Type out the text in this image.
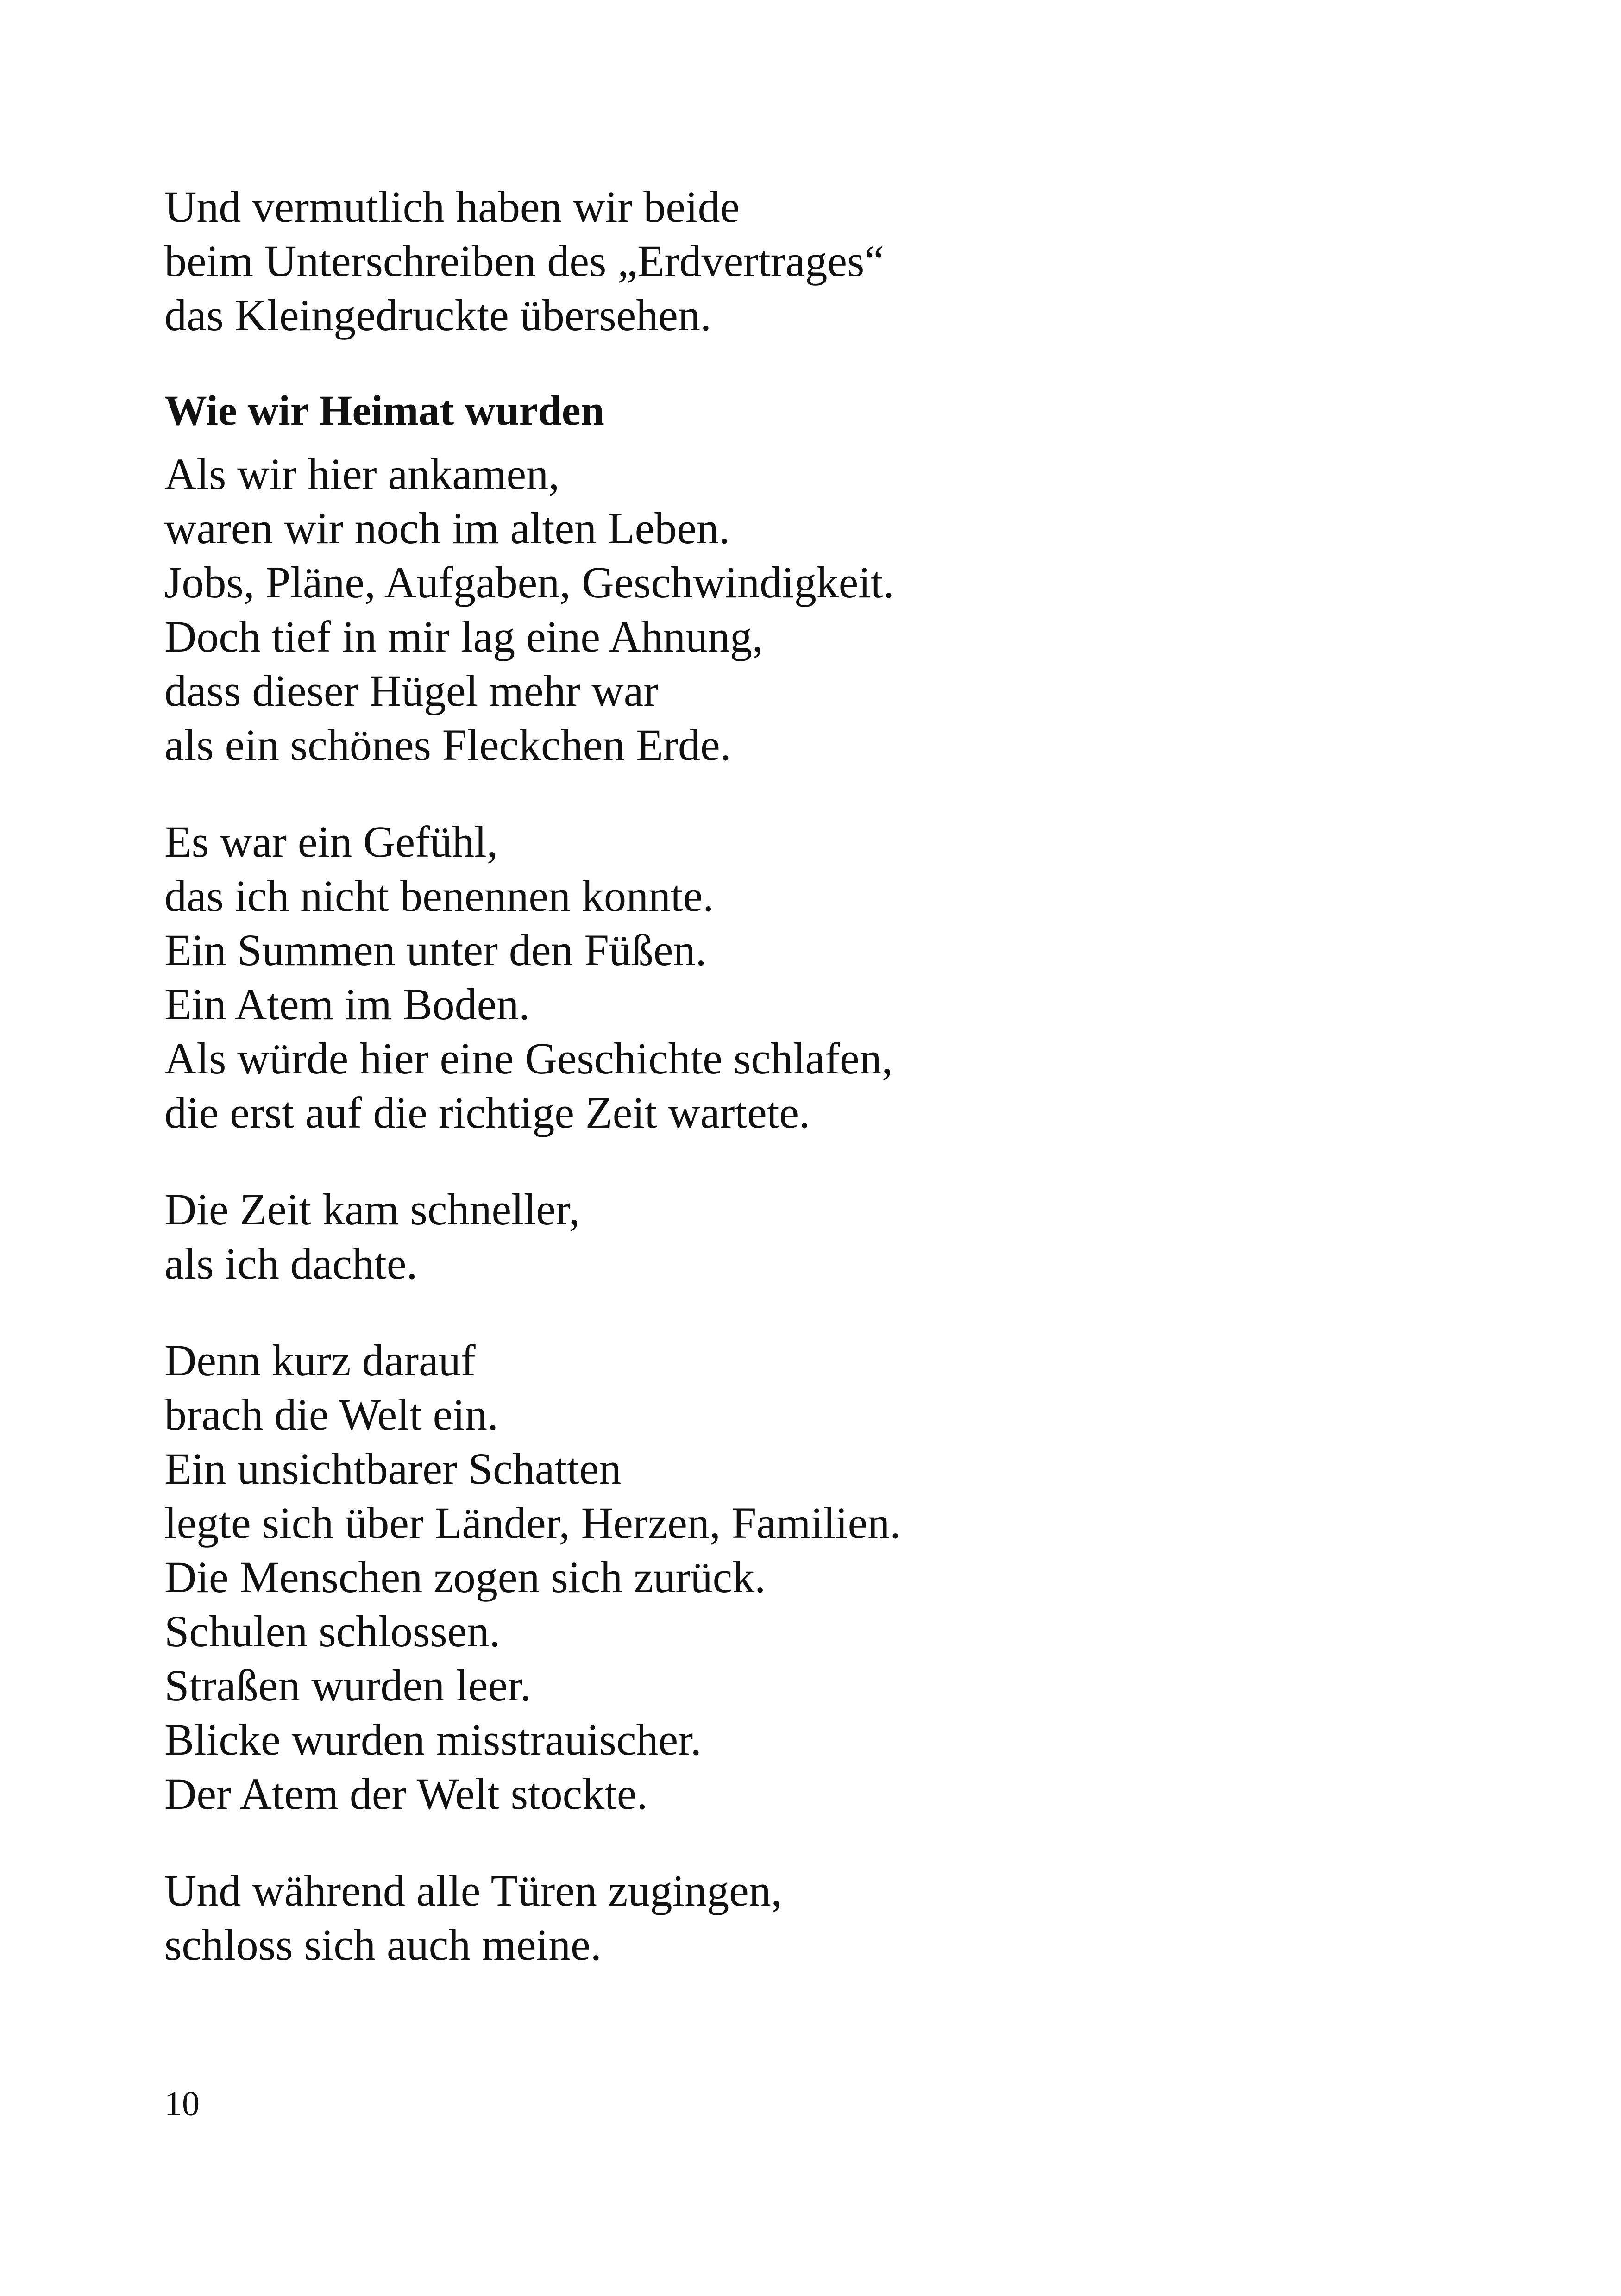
Und vermutlich haben wir beide
beim Unterschreiben des „Erdvertrages“
das Kleingedruckte übersehen.
Wie wir Heimat wurden
Als wir hier ankamen,
waren wir noch im alten Leben.
Jobs, Pläne, Aufgaben, Geschwindigkeit.
Doch tief in mir lag eine Ahnung,
dass dieser Hügel mehr war
als ein schönes Fleckchen Erde.
Es war ein Gefühl,
das ich nicht benennen konnte.
Ein Summen unter den Füßen.
Ein Atem im Boden.
Als würde hier eine Geschichte schlafen,
die erst auf die richtige Zeit wartete.
Die Zeit kam schneller,
als ich dachte.
Denn kurz darauf
brach die Welt ein.
Ein unsichtbarer Schatten
legte sich über Länder, Herzen, Familien.
Die Menschen zogen sich zurück.
Schulen schlossen.
Straßen wurden leer.
Blicke wurden misstrauischer.
Der Atem der Welt stockte.
Und während alle Türen zugingen,
schloss sich auch meine.
10
